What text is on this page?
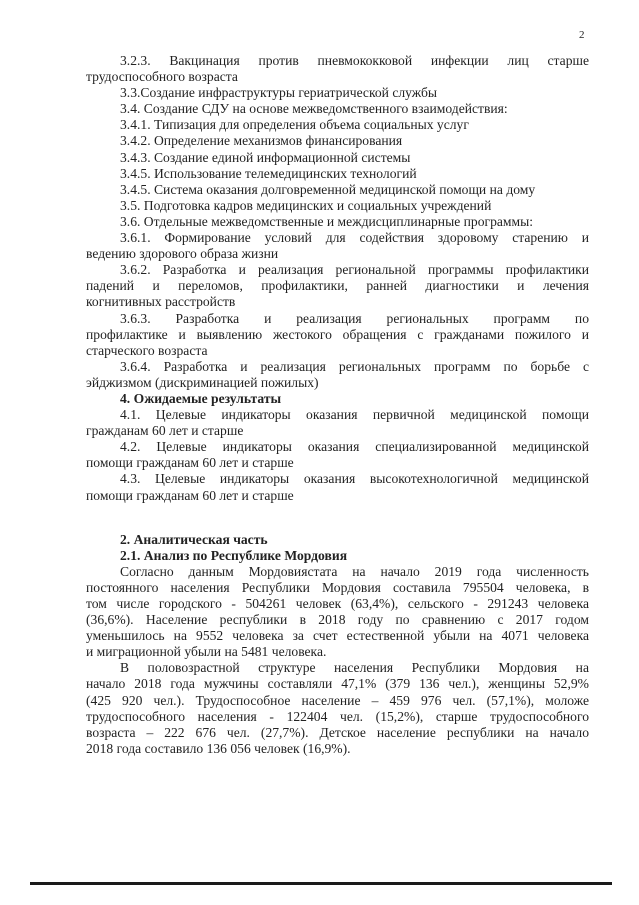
2
3.2.3. Вакцинация против пневмококковой инфекции лиц старше
трудоспособного возраста
3.3.Создание инфраструктуры гериатрической службы
3.4. Создание СДУ на основе межведомственного взаимодействия:
3.4.1. Типизация для определения объема социальных услуг
3.4.2. Определение механизмов финансирования
3.4.3. Создание единой информационной системы
3.4.5. Использование телемедицинских технологий
3.4.5. Система оказания долговременной медицинской помощи на дому
3.5. Подготовка кадров медицинских и социальных учреждений
3.6. Отдельные межведомственные и междисциплинарные программы:
3.6.1. Формирование условий для содействия здоровому старению и
ведению здорового образа жизни
3.6.2. Разработка и реализация региональной программы профилактики
падений и переломов, профилактики, ранней диагностики и лечения
когнитивных расстройств
3.6.3. Разработка и реализация региональных программ по
профилактике и выявлению жестокого обращения с гражданами пожилого и
старческого возраста
3.6.4. Разработка и реализация региональных программ по борьбе с
эйджизмом (дискриминацией пожилых)
4. Ожидаемые результаты
4.1. Целевые индикаторы оказания первичной медицинской помощи
гражданам 60 лет и старше
4.2. Целевые индикаторы оказания специализированной медицинской
помощи гражданам 60 лет и старше
4.3. Целевые индикаторы оказания высокотехнологичной медицинской
помощи гражданам 60 лет и старше
2. Аналитическая часть
2.1. Анализ по Республике Мордовия
Согласно данным Мордовиястата на начало 2019 года численность
постоянного населения Республики Мордовия составила 795504 человека, в
том числе городского - 504261 человек (63,4%), сельского - 291243 человека
(36,6%). Население республики в 2018 году по сравнению с 2017 годом
уменьшилось на 9552 человека за счет естественной убыли на 4071 человека
и миграционной убыли на 5481 человека.
В половозрастной структуре населения Республики Мордовия на
начало 2018 года мужчины составляли 47,1% (379 136 чел.), женщины 52,9%
(425 920 чел.). Трудоспособное население – 459 976 чел. (57,1%), моложе
трудоспособного населения - 122404 чел. (15,2%), старше трудоспособного
возраста – 222 676 чел. (27,7%). Детское население республики на начало
2018 года составило 136 056 человек (16,9%).
